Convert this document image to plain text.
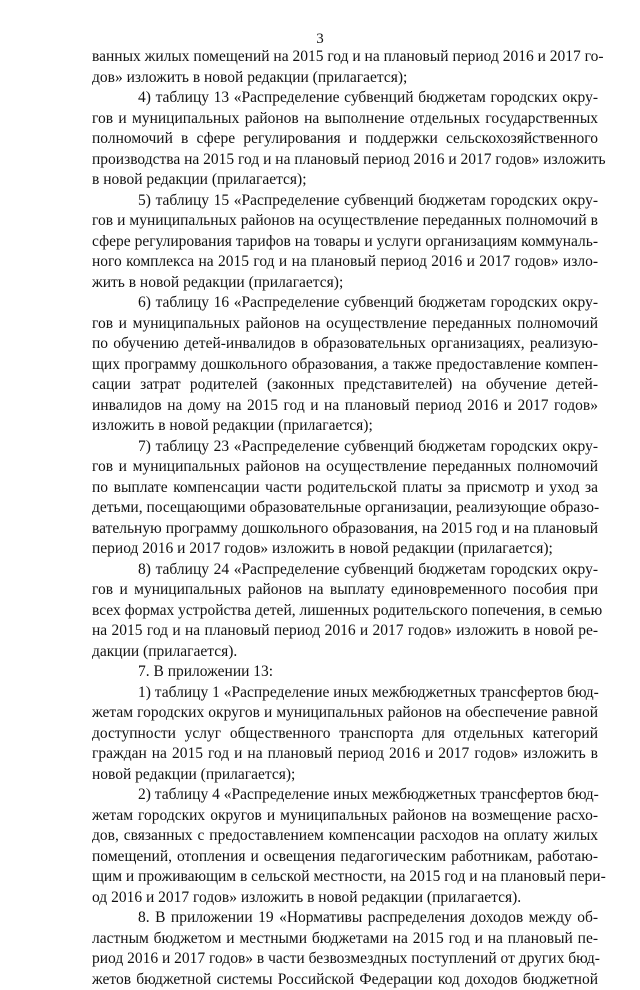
3
ванных жилых помещений на 2015 год и на плановый период 2016 и 2017 го-
дов» изложить в новой редакции (прилагается);
4) таблицу 13 «Распределение субвенций бюджетам городских окру-
гов и муниципальных районов на выполнение отдельных государственных
полномочий в сфере регулирования и поддержки сельскохозяйственного
производства на 2015 год и на плановый период 2016 и 2017 годов» изложить
в новой редакции (прилагается);
5) таблицу 15 «Распределение субвенций бюджетам городских окру-
гов и муниципальных районов на осуществление переданных полномочий в
сфере регулирования тарифов на товары и услуги организациям коммуналь-
ного комплекса на 2015 год и на плановый период 2016 и 2017 годов» изло-
жить в новой редакции (прилагается);
6) таблицу 16 «Распределение субвенций бюджетам городских окру-
гов и муниципальных районов на осуществление переданных полномочий
по обучению детей-инвалидов в образовательных организациях, реализую-
щих программу дошкольного образования, а также предоставление компен-
сации затрат родителей (законных представителей) на обучение детей-
инвалидов на дому на 2015 год и на плановый период 2016 и 2017 годов»
изложить в новой редакции (прилагается);
7) таблицу 23 «Распределение субвенций бюджетам городских окру-
гов и муниципальных районов на осуществление переданных полномочий
по выплате компенсации части родительской платы за присмотр и уход за
детьми, посещающими образовательные организации, реализующие образо-
вательную программу дошкольного образования, на 2015 год и на плановый
период 2016 и 2017 годов» изложить в новой редакции (прилагается);
8) таблицу 24 «Распределение субвенций бюджетам городских окру-
гов и муниципальных районов на выплату единовременного пособия при
всех формах устройства детей, лишенных родительского попечения, в семью
на 2015 год и на плановый период 2016 и 2017 годов» изложить в новой ре-
дакции (прилагается).
7. В приложении 13:
1) таблицу 1 «Распределение иных межбюджетных трансфертов бюд-
жетам городских округов и муниципальных районов на обеспечение равной
доступности услуг общественного транспорта для отдельных категорий
граждан на 2015 год и на плановый период 2016 и 2017 годов» изложить в
новой редакции (прилагается);
2) таблицу 4 «Распределение иных межбюджетных трансфертов бюд-
жетам городских округов и муниципальных районов на возмещение расхо-
дов, связанных с предоставлением компенсации расходов на оплату жилых
помещений, отопления и освещения педагогическим работникам, работаю-
щим и проживающим в сельской местности, на 2015 год и на плановый пери-
од 2016 и 2017 годов» изложить в новой редакции (прилагается).
8. В приложении 19 «Нормативы распределения доходов между об-
ластным бюджетом и местными бюджетами на 2015 год и на плановый пе-
риод 2016 и 2017 годов» в части безвозмездных поступлений от других бюд-
жетов бюджетной системы Российской Федерации код доходов бюджетной
